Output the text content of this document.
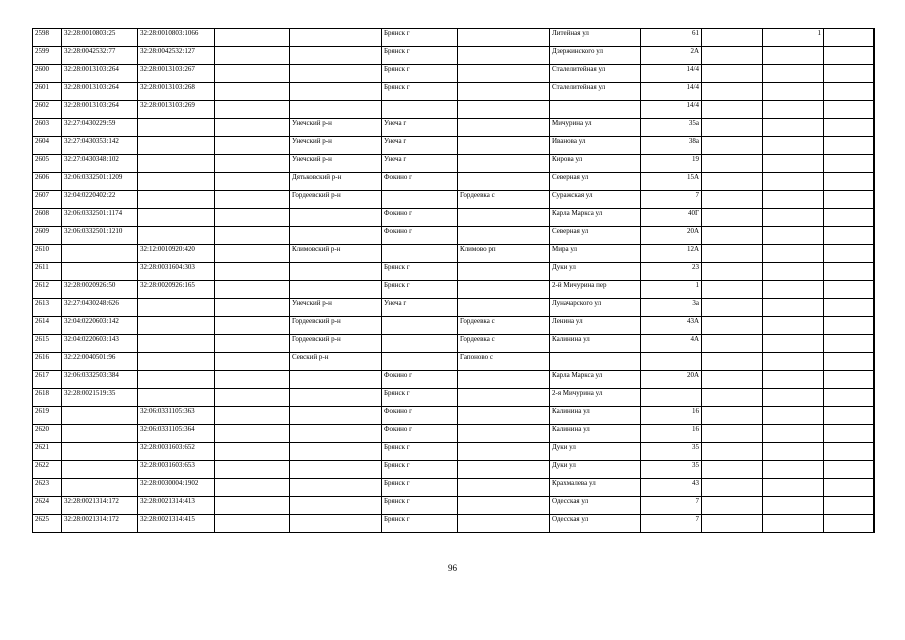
2598	32:28:0010803:25	32:28:0010803:1066			Брянск г		Литейная ул	61		1		
2599	32:28:0042532:77	32:28:0042532:127			Брянск г		Дзержинского ул	2А				
2600	32:28:0013103:264	32:28:0013103:267			Брянск г		Сталелитейная ул	14/4				
2601	32:28:0013103:264	32:28:0013103:268			Брянск г		Сталелитейная ул	14/4				
2602	32:28:0013103:264	32:28:0013103:269						14/4				
2603	32:27:0430229:59			Унечский р-н	Унеча г		Мичурина ул	35а				
2604	32:27:0430353:142			Унечский р-н	Унеча г		Иванова ул	38а				
2605	32:27:0430348:102			Унечский р-н	Унеча г		Кирова ул	19				
2606	32:06:0332501:1209			Дятьковский р-н	Фокино г		Северная ул	15А				
2607	32:04:0220402:22			Гордеевский р-н		Гордеевка с	Суражская ул	7				
2608	32:06:0332501:1174				Фокино г		Карла Маркса ул	40Г				
2609	32:06:0332501:1210				Фокино г		Северная ул	20А				
2610		32:12:0010920:420		Климовский р-н		Климово рп	Мира ул	12А				
2611		32:28:0031604:303			Брянск г		Дуки ул	23				
2612	32:28:0020926:50	32:28:0020926:165			Брянск г		2-й Мичурина пер	1				
2613	32:27:0430248:626			Унечский р-н	Унеча г		Луначарского ул	3а				
2614	32:04:0220603:142			Гордеевский р-н		Гордеевка с	Ленина ул	43А				
2615	32:04:0220603:143			Гордеевский р-н		Гордеевка с	Калинина ул	4А				
2616	32:22:0040501:96			Севский р-н		Гапоново с						
2617	32:06:0332503:384				Фокино г		Карла Маркса ул	20А				
2618	32:28:0021519:35				Брянск г		2-я Мичурина ул					
2619		32:06:0331105:363			Фокино г		Калинина ул	16				
2620		32:06:0331105:364			Фокино г		Калинина ул	16				
2621		32:28:0031603:652			Брянск г		Дуки ул	35				
2622		32:28:0031603:653			Брянск г		Дуки ул	35				
2623		32:28:0030004:1902			Брянск г		Крахмалева ул	43				
2624	32:28:0021314:172	32:28:0021314:413			Брянск г		Одесская ул	7				
2625	32:28:0021314:172	32:28:0021314:415			Брянск г		Одесская ул	7				
96
